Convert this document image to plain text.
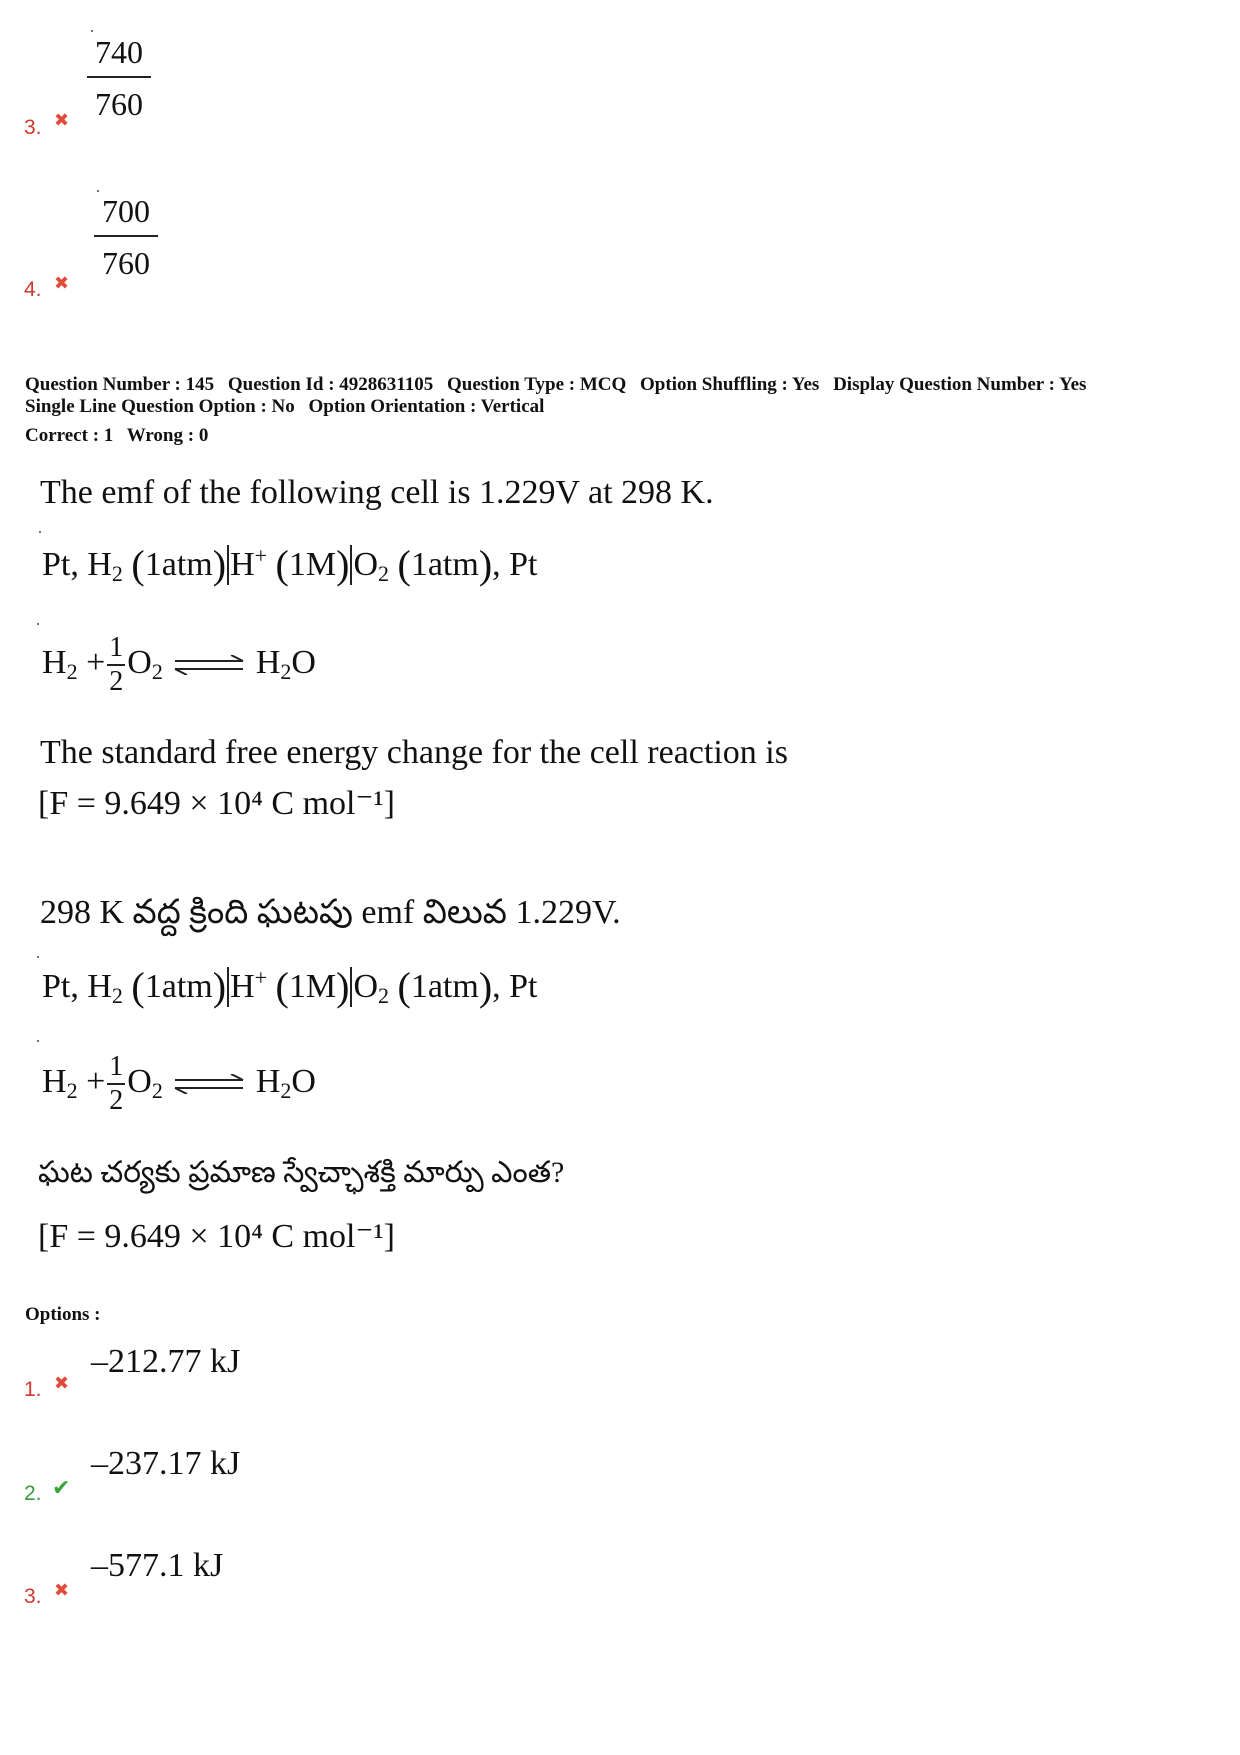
$\frac{740}{760}$
3. ✖
$\frac{700}{760}$
4. ✖
Question Number : 145 Question Id : 4928631105 Question Type : MCQ Option Shuffling : Yes Display Question Number : Yes
Single Line Question Option : No Option Orientation : Vertical
Correct : 1 Wrong : 0
The emf of the following cell is 1.229V at 298 K.
Pt, $H_2$ (1atm) H+ (1M) $O_2$ (1atm), Pt
$H_2 + \frac{1}{2} O_2$ ⇌ $H_2O$
The standard free energy change for the cell reaction is
[F = 9.649 × 10⁴ C mol⁻¹]
298 K వద్ద క్రింది ఘటపు emf విలువ 1.229V.
Pt, $H_2$ (1atm) H+ (1M) $O_2$ (1atm), Pt
$H_2 + \frac{1}{2} O_2$ ⇌ $H_2O$
ఘట చర్యకు ప్రమాణ స్వేచ్ఛాశక్తి మార్పు ఎంత?
[F = 9.649 × 10⁴ C mol⁻¹]
Options :
–212.77 kJ
1. ✖
–237.17 kJ
2. ✔
–577.1 kJ
3. ✖
